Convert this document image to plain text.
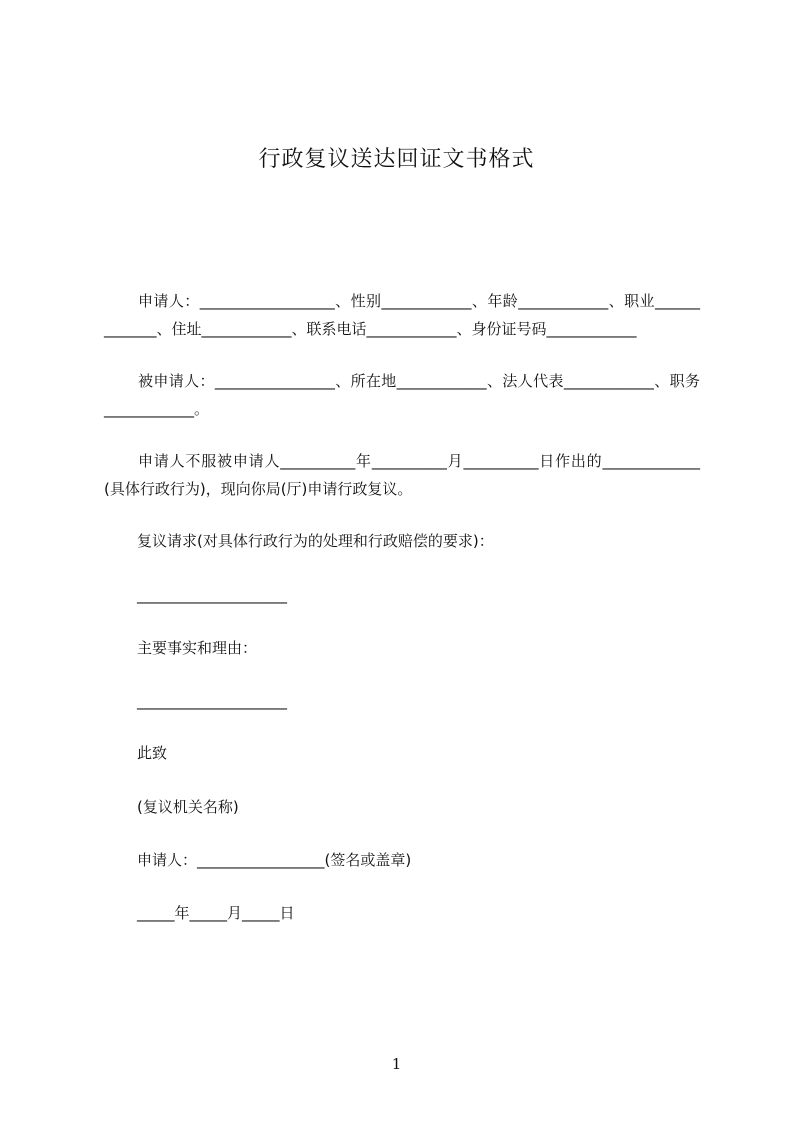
行政复议送达回证文书格式
申请人：__________________、性别____________、年龄____________、职业_____________、住址____________、联系电话____________、身份证号码____________
被申请人：________________、所在地____________、法人代表____________、职务____________。
申请人不服被申请人__________年__________月__________日作出的_____________(具体行政行为)，现向你局(厅)申请行政复议。
复议请求(对具体行政行为的处理和行政赔偿的要求)：
____________________
主要事实和理由：
____________________
此致
(复议机关名称)
申请人：_________________(签名或盖章)
_____年_____月_____日
1
